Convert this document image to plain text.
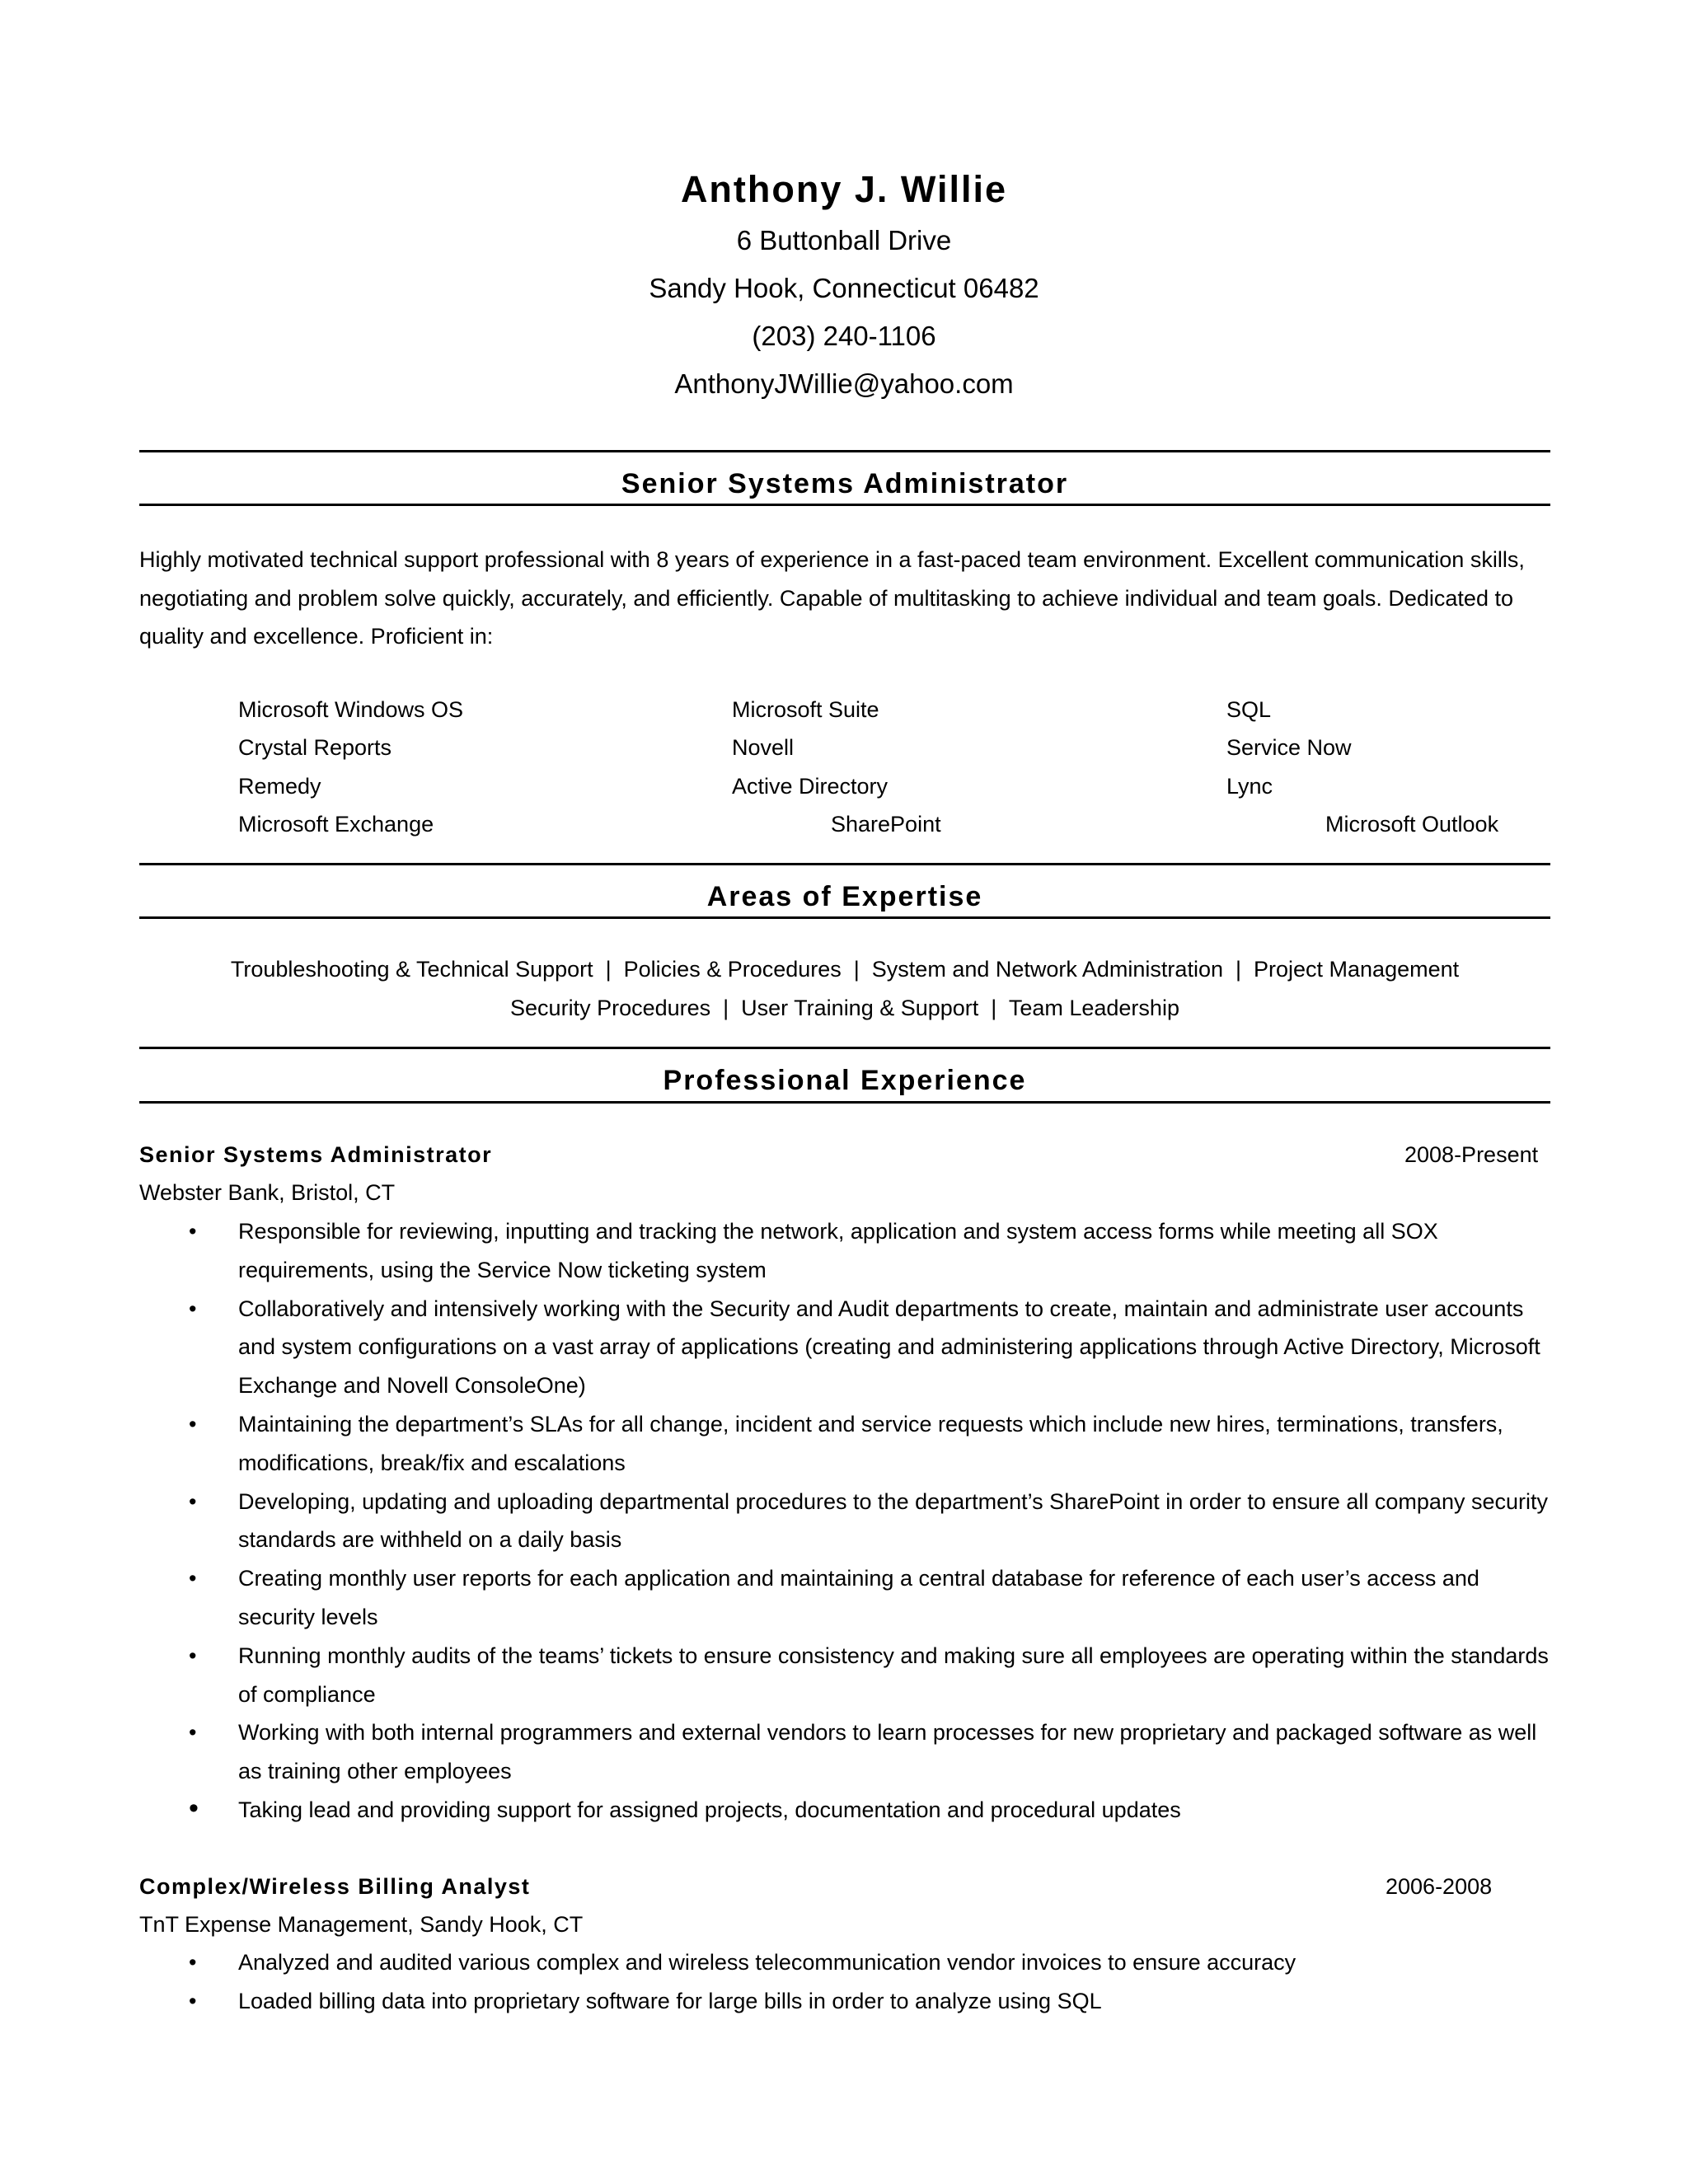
Anthony J. Willie

6 Buttonball Drive

Sandy Hook, Connecticut 06482

(203) 240-1106

AnthonyJWillie@yahoo.com

Senior Systems Administrator

Highly motivated technical support professional with 8 years of experience in a fast-paced team environment. Excellent communication skills, negotiating and problem solve quickly, accurately, and efficiently. Capable of multitasking to achieve individual and team goals. Dedicated to quality and excellence. Proficient in:

Microsoft Windows OS	Microsoft Suite	SQL
Crystal Reports	Novell	Service Now
Remedy	Active Directory	Lync
Microsoft Exchange	SharePoint	Microsoft Outlook
Areas of Expertise
Troubleshooting & Technical Support  |  Policies & Procedures  |  System and Network Administration  |  Project Management
Security Procedures  |  User Training & Support  |  Team Leadership
Professional Experience
Senior Systems Administrator	2008-Present
Webster Bank, Bristol, CT
• Responsible for reviewing, inputting and tracking the network, application and system access forms while meeting all SOX requirements, using the Service Now ticketing system
• Collaboratively and intensively working with the Security and Audit departments to create, maintain and administrate user accounts and system configurations on a vast array of applications (creating and administering applications through Active Directory, Microsoft Exchange and Novell ConsoleOne)
• Maintaining the department’s SLAs for all change, incident and service requests which include new hires, terminations, transfers, modifications, break/fix and escalations
• Developing, updating and uploading departmental procedures to the department’s SharePoint in order to ensure all company security standards are withheld on a daily basis
• Creating monthly user reports for each application and maintaining a central database for reference of each user’s access and security levels
• Running monthly audits of the teams’ tickets to ensure consistency and making sure all employees are operating within the standards of compliance
• Working with both internal programmers and external vendors to learn processes for new proprietary and packaged software as well as training other employees
• Taking lead and providing support for assigned projects, documentation and procedural updates
Complex/Wireless Billing Analyst	2006-2008
TnT Expense Management, Sandy Hook, CT
• Analyzed and audited various complex and wireless telecommunication vendor invoices to ensure accuracy
• Loaded billing data into proprietary software for large bills in order to analyze using SQL
